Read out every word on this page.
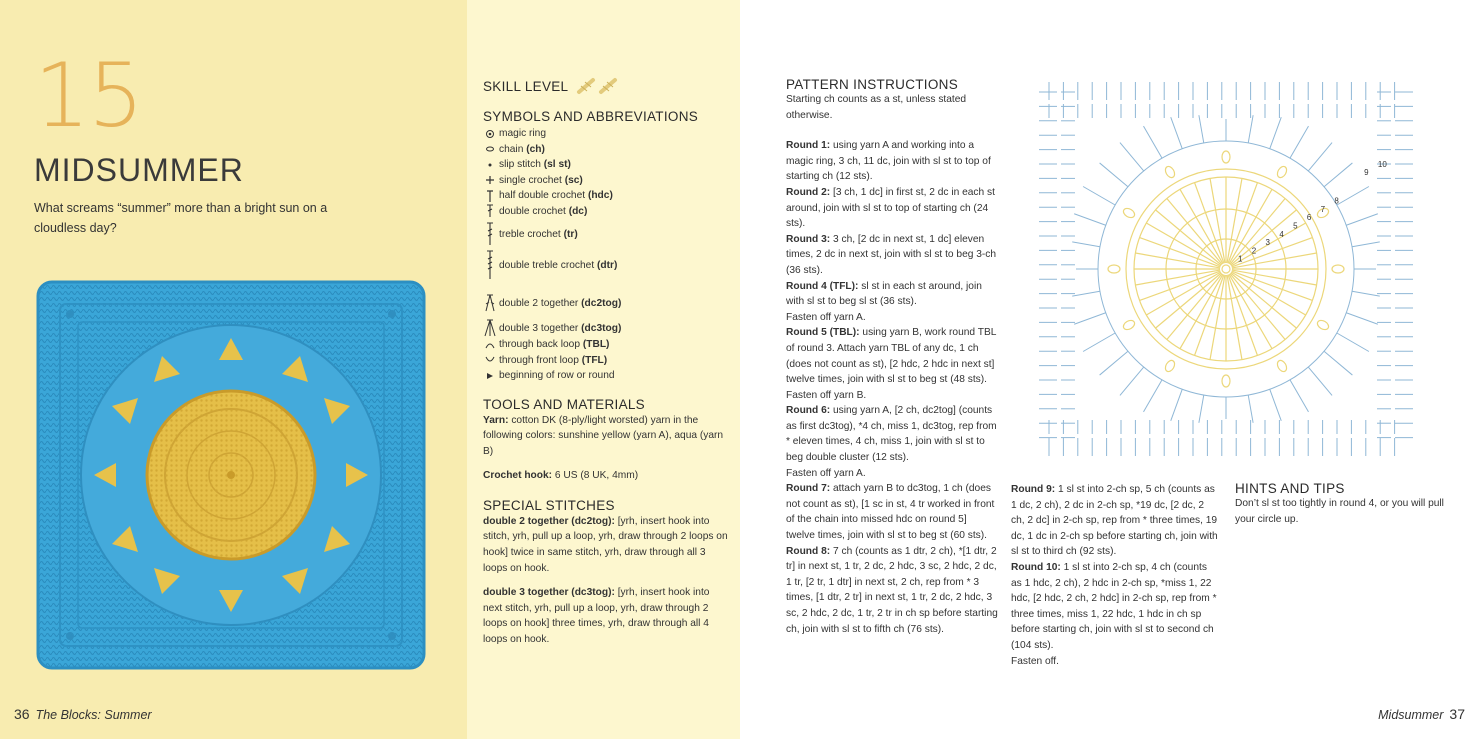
15
MIDSUMMER
What screams “summer” more than a bright sun on a cloudless day?
36 The Blocks: Summer

SKILL LEVEL

SYMBOLS AND ABBREVIATIONS

magic ring

chain
(ch)
slip stitch
(sl st)
single crochet
(sc)
half double crochet
(hdc)
double crochet
(dc)
treble crochet
(tr)
double treble crochet
(dtr)
double 2 together
(dc2tog)
double 3 together
(dc3tog)
through back loop
(TBL)
through front loop
(TFL)
beginning of row or round

TOOLS AND MATERIALS

Yarn: cotton DK (8-ply/light worsted) yarn in the following colors: sunshine yellow (yarn A), aqua (yarn B)

Crochet hook: 6 US (8 UK, 4mm)

SPECIAL STITCHES

double 2 together (dc2tog): [yrh, insert hook into stitch, yrh, pull up a loop, yrh, draw through 2 loops on hook] twice in same stitch, yrh, draw through all 3 loops on hook.

double 3 together (dc3tog): [yrh, insert hook into next stitch, yrh, pull up a loop, yrh, draw through 2 loops on hook] three times, yrh, draw through all 4 loops on hook.

PATTERN INSTRUCTIONS

Starting ch counts as a st, unless stated otherwise.

Round 1: using yarn A and working into a magic ring, 3 ch, 11 dc, join with sl st to top of starting ch (12 sts).

Round 2: [3 ch, 1 dc] in first st, 2 dc in each st around, join with sl st to top of starting ch (24 sts).

Round 3: 3 ch, [2 dc in next st, 1 dc] eleven times, 2 dc in next st, join with sl st to beg 3-ch (36 sts).

Round 4 (TFL): sl st in each st around, join with sl st to beg sl st (36 sts).

Fasten off yarn A.

Round 5 (TBL): using yarn B, work round TBL of round 3. Attach yarn TBL of any dc, 1 ch (does not count as st), [2 hdc, 2 hdc in next st] twelve times, join with sl st to beg st (48 sts).

Fasten off yarn B.

Round 6: using yarn A, [2 ch, dc2tog] (counts as first dc3tog), *4 ch, miss 1, dc3tog, rep from * eleven times, 4 ch, miss 1, join with sl st to beg double cluster (12 sts).

Fasten off yarn A.

Round 7: attach yarn B to dc3tog, 1 ch (does not count as st), [1 sc in st, 4 tr worked in front of the chain into missed hdc on round 5] twelve times, join with sl st to beg st (60 sts).

Round 8: 7 ch (counts as 1 dtr, 2 ch), *[1 dtr, 2 tr] in next st, 1 tr, 2 dc, 2 hdc, 3 sc, 2 hdc, 2 dc, 1 tr, [2 tr, 1 dtr] in next st, 2 ch, rep from * 3 times, [1 dtr, 2 tr] in next st, 1 tr, 2 dc, 2 hdc, 3 sc, 2 hdc, 2 dc, 1 tr, 2 tr in ch sp before starting ch, join with sl st to fifth ch (76 sts).

Round 9: 1 sl st into 2-ch sp, 5 ch (counts as 1 dc, 2 ch), 2 dc in 2-ch sp, *19 dc, [2 dc, 2 ch, 2 dc] in 2-ch sp, rep from * three times, 19 dc, 1 dc in 2-ch sp before starting ch, join with sl st to third ch (92 sts).

Round 10: 1 sl st into 2-ch sp, 4 ch (counts as 1 hdc, 2 ch), 2 hdc in 2-ch sp, *miss 1, 22 hdc, [2 hdc, 2 ch, 2 hdc] in 2-ch sp, rep from * three times, miss 1, 22 hdc, 1 hdc in ch sp before starting ch, join with sl st to second ch (104 sts).

Fasten off.

HINTS AND TIPS

Don’t sl st too tightly in round 4, or you will pull your circle up.

1
2
3
4
5
6
7
8
9
10
Midsummer 37
